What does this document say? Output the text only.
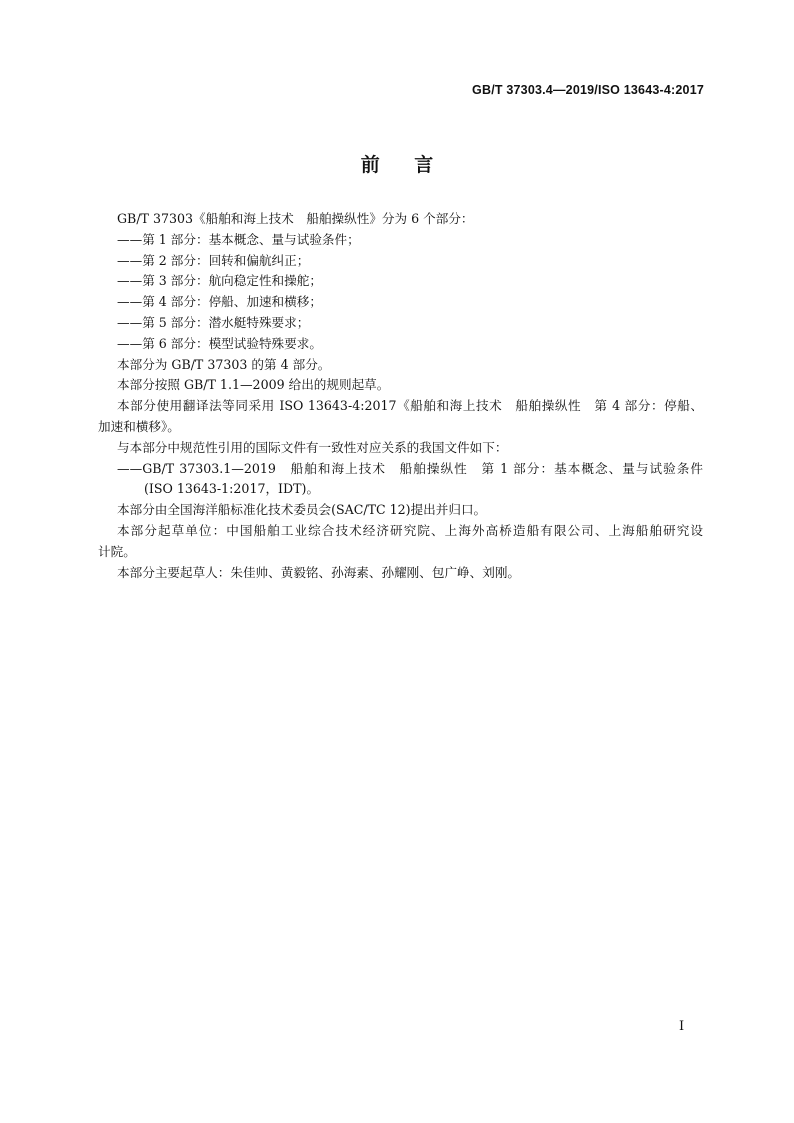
GB/T 37303.4—2019/ISO 13643-4:2017
前 言
GB/T 37303《船舶和海上技术　船舶操纵性》分为 6 个部分：
——第 1 部分：基本概念、量与试验条件；
——第 2 部分：回转和偏航纠正；
——第 3 部分：航向稳定性和操舵；
——第 4 部分：停船、加速和横移；
——第 5 部分：潜水艇特殊要求；
——第 6 部分：模型试验特殊要求。
本部分为 GB/T 37303 的第 4 部分。
本部分按照 GB/T 1.1—2009 给出的规则起草。
本部分使用翻译法等同采用 ISO 13643-4:2017《船舶和海上技术　船舶操纵性　第 4 部分：停船、
加速和横移》。
与本部分中规范性引用的国际文件有一致性对应关系的我国文件如下：
——GB/T 37303.1—2019　船舶和海上技术　船舶操纵性　第 1 部分：基本概念、量与试验条件
(ISO 13643-1:2017，IDT)。
本部分由全国海洋船标准化技术委员会(SAC/TC 12)提出并归口。
本部分起草单位：中国船舶工业综合技术经济研究院、上海外高桥造船有限公司、上海船舶研究设
计院。
本部分主要起草人：朱佳帅、黄毅铭、孙海素、孙耀刚、包广峥、刘刚。
I
